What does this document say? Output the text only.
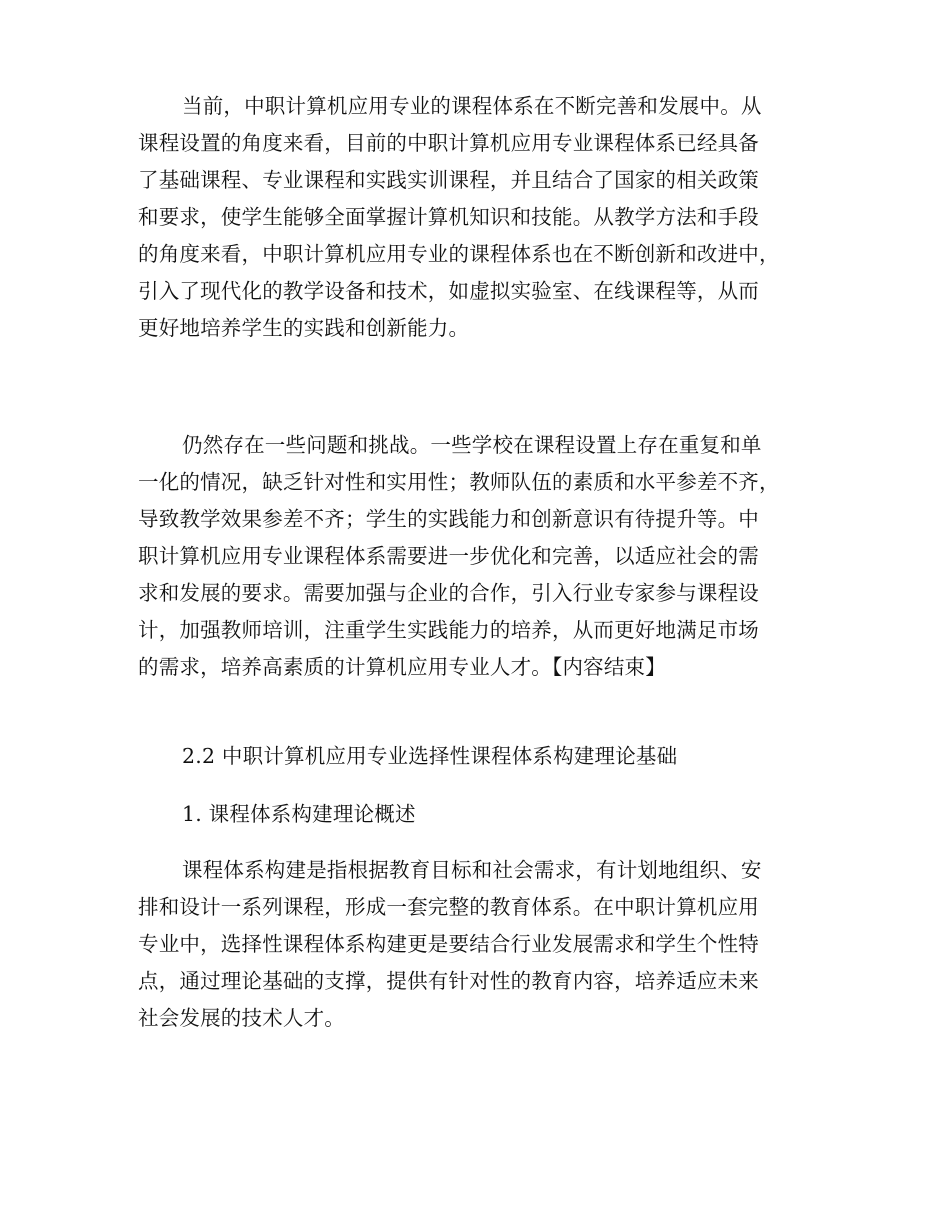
当前，中职计算机应用专业的课程体系在不断完善和发展中。从
课程设置的角度来看，目前的中职计算机应用专业课程体系已经具备
了基础课程、专业课程和实践实训课程，并且结合了国家的相关政策
和要求，使学生能够全面掌握计算机知识和技能。从教学方法和手段
的角度来看，中职计算机应用专业的课程体系也在不断创新和改进中，
引入了现代化的教学设备和技术，如虚拟实验室、在线课程等，从而
更好地培养学生的实践和创新能力。
仍然存在一些问题和挑战。一些学校在课程设置上存在重复和单
一化的情况，缺乏针对性和实用性；教师队伍的素质和水平参差不齐，
导致教学效果参差不齐；学生的实践能力和创新意识有待提升等。中
职计算机应用专业课程体系需要进一步优化和完善，以适应社会的需
求和发展的要求。需要加强与企业的合作，引入行业专家参与课程设
计，加强教师培训，注重学生实践能力的培养，从而更好地满足市场
的需求，培养高素质的计算机应用专业人才。【内容结束】
2.2 中职计算机应用专业选择性课程体系构建理论基础
1. 课程体系构建理论概述
课程体系构建是指根据教育目标和社会需求，有计划地组织、安
排和设计一系列课程，形成一套完整的教育体系。在中职计算机应用
专业中，选择性课程体系构建更是要结合行业发展需求和学生个性特
点，通过理论基础的支撑，提供有针对性的教育内容，培养适应未来
社会发展的技术人才。
